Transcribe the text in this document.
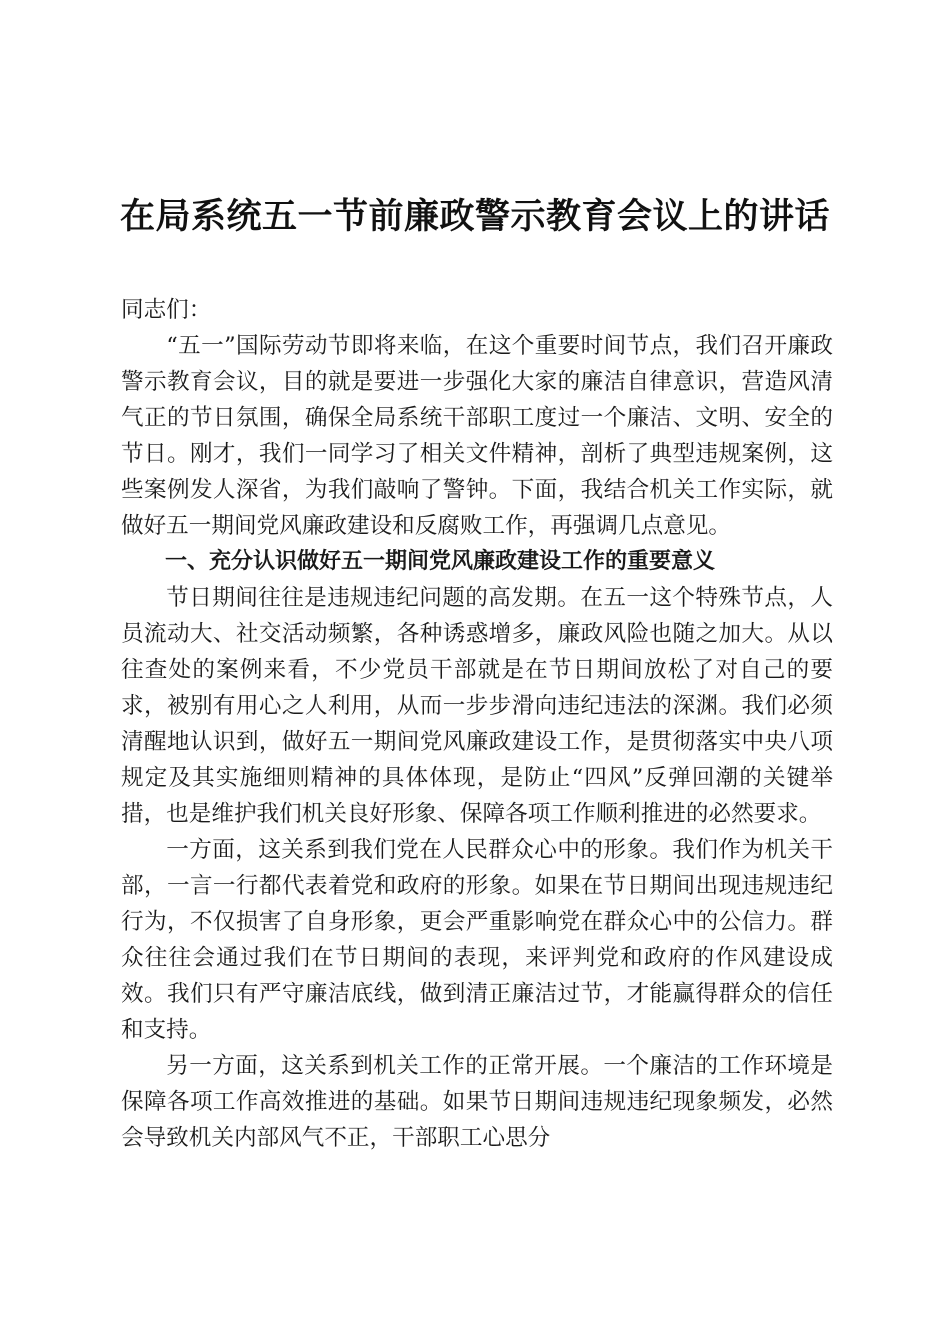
在局系统五一节前廉政警示教育会议上的讲话

同志们：

“五一”国际劳动节即将来临，在这个重要时间节点，我们召开廉政警示教育会议，目的就是要进一步强化大家的廉洁自律意识，营造风清气正的节日氛围，确保全局系统干部职工度过一个廉洁、文明、安全的节日。刚才，我们一同学习了相关文件精神，剖析了典型违规案例，这些案例发人深省，为我们敲响了警钟。下面，我结合机关工作实际，就做好五一期间党风廉政建设和反腐败工作，再强调几点意见。

一、充分认识做好五一期间党风廉政建设工作的重要意义

节日期间往往是违规违纪问题的高发期。在五一这个特殊节点，人员流动大、社交活动频繁，各种诱惑增多，廉政风险也随之加大。从以往查处的案例来看，不少党员干部就是在节日期间放松了对自己的要求，被别有用心之人利用，从而一步步滑向违纪违法的深渊。我们必须清醒地认识到，做好五一期间党风廉政建设工作，是贯彻落实中央八项规定及其实施细则精神的具体体现，是防止“四风”反弹回潮的关键举措，也是维护我们机关良好形象、保障各项工作顺利推进的必然要求。

一方面，这关系到我们党在人民群众心中的形象。我们作为机关干部，一言一行都代表着党和政府的形象。如果在节日期间出现违规违纪行为，不仅损害了自身形象，更会严重影响党在群众心中的公信力。群众往往会通过我们在节日期间的表现，来评判党和政府的作风建设成效。我们只有严守廉洁底线，做到清正廉洁过节，才能赢得群众的信任和支持。

另一方面，这关系到机关工作的正常开展。一个廉洁的工作环境是保障各项工作高效推进的基础。如果节日期间违规违纪现象频发，必然会导致机关内部风气不正，干部职工心思分
